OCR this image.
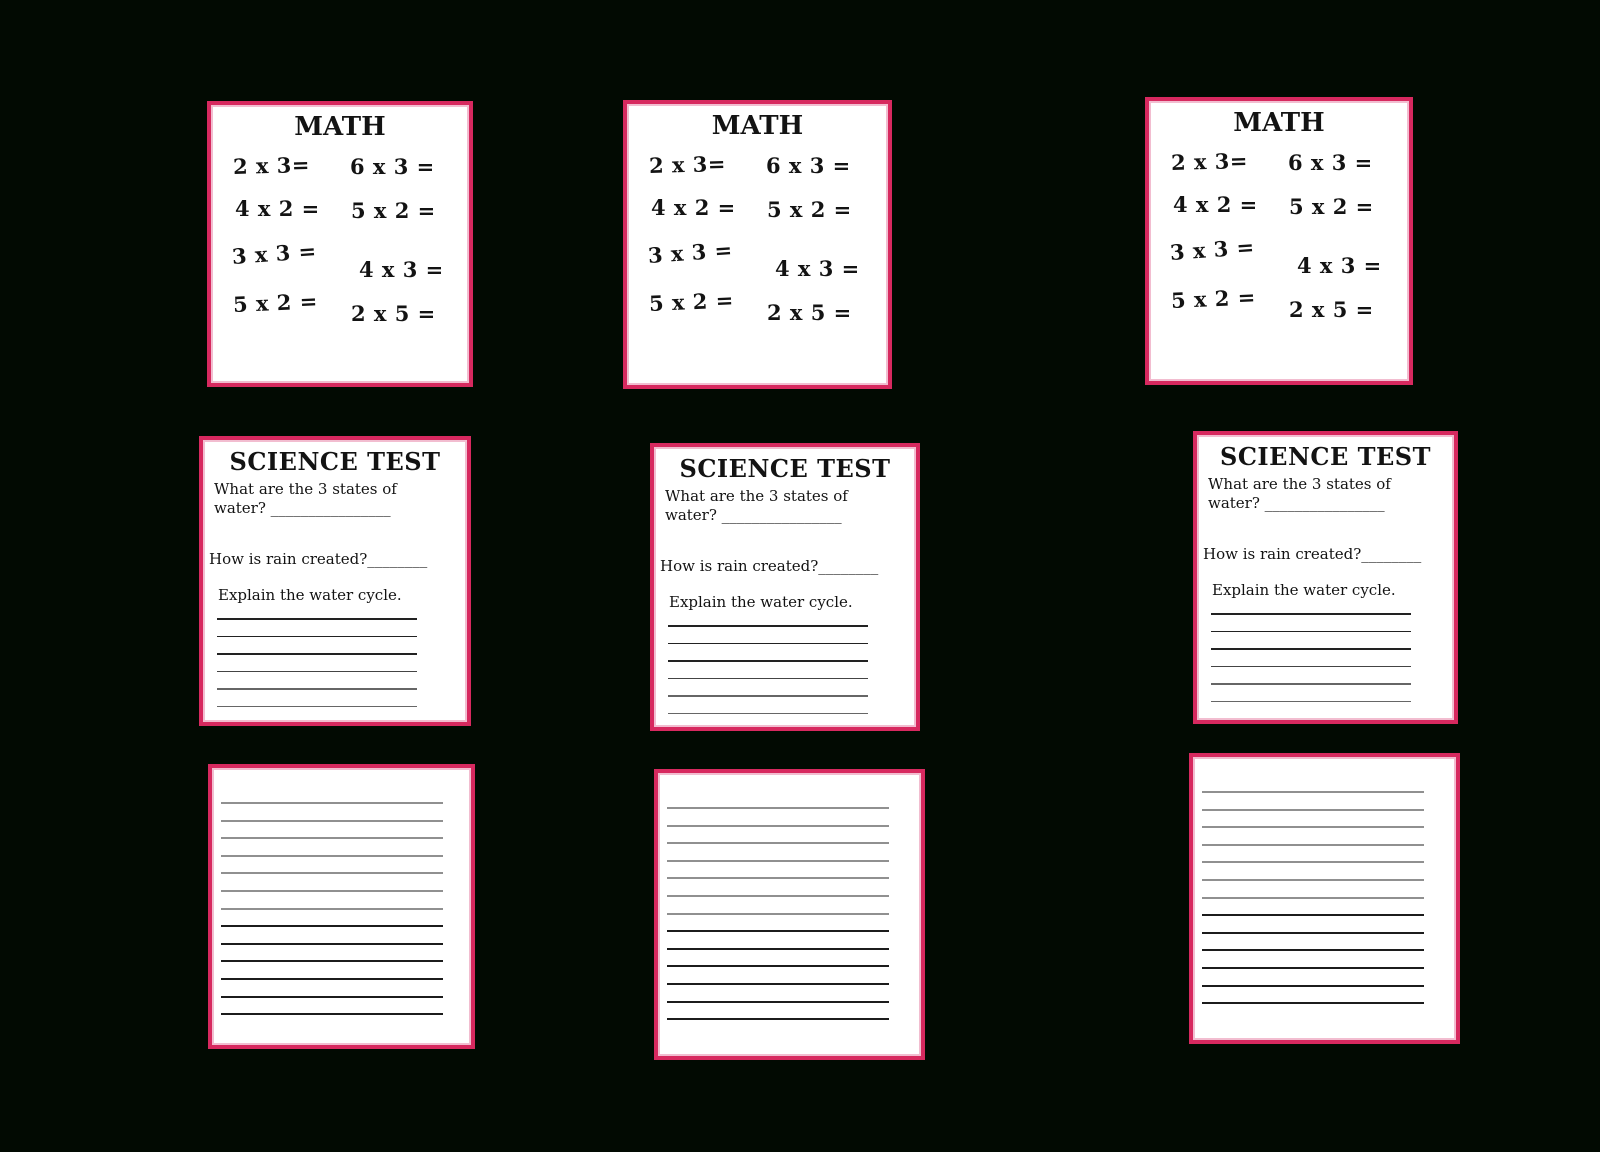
MATH
2 x 3= 6 x 3 =
4 x 2 = 5 x 2 =
3 x 3 =
4 x 3 =
5 x 2 = 2 x 5 =
MATH
2 x 3= 6 x 3 =
4 x 2 = 5 x 2 =
3 x 3 =
4 x 3 =
5 x 2 = 2 x 5 =
MATH
2 x 3= 6 x 3 =
4 x 2 = 5 x 2 =
3 x 3 =
4 x 3 =
5 x 2 = 2 x 5 =
SCIENCE TEST
What are the 3 states of
water? ________________
How is rain created?________
Explain the water cycle.
SCIENCE TEST
What are the 3 states of
water? ________________
How is rain created?________
Explain the water cycle.
SCIENCE TEST
What are the 3 states of
water? ________________
How is rain created?________
Explain the water cycle.
